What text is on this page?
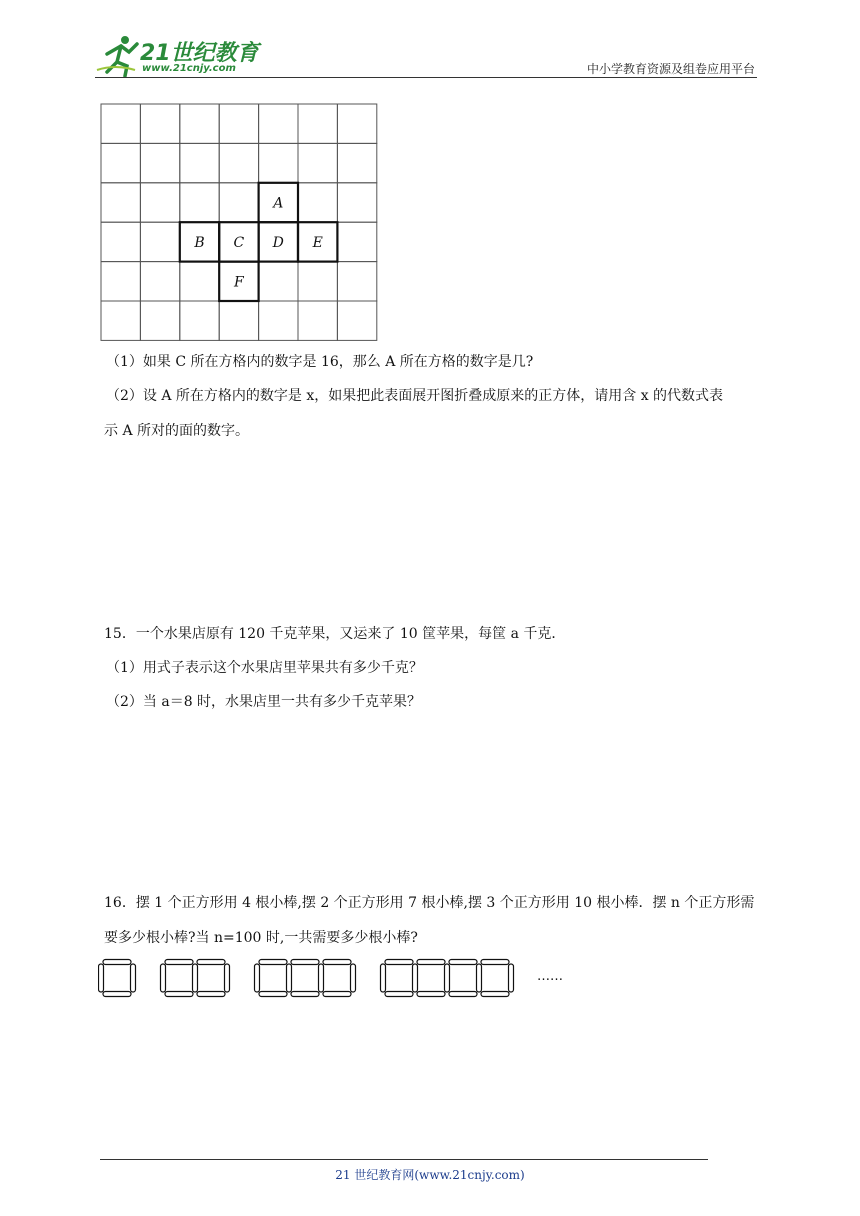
21世纪教育
www.21cnjy.com	中小学教育资源及组卷应用平台
A
B C D E
F
（1）如果 C 所在方格内的数字是 16，那么 A 所在方格的数字是几?
（2）设 A 所在方格内的数字是 x，如果把此表面展开图折叠成原来的正方体，请用含 x 的代数式表
示 A 所对的面的数字。
15．一个水果店原有 120 千克苹果，又运来了 10 筐苹果，每筐 a 千克．
（1）用式子表示这个水果店里苹果共有多少千克？
（2）当 a＝8 时，水果店里一共有多少千克苹果？
16．摆 1 个正方形用 4 根小棒,摆 2 个正方形用 7 根小棒,摆 3 个正方形用 10 根小棒．摆 n 个正方形需
要多少根小棒?当 n=100 时,一共需要多少根小棒?
……
21 世纪教育网(www.21cnjy.com)
